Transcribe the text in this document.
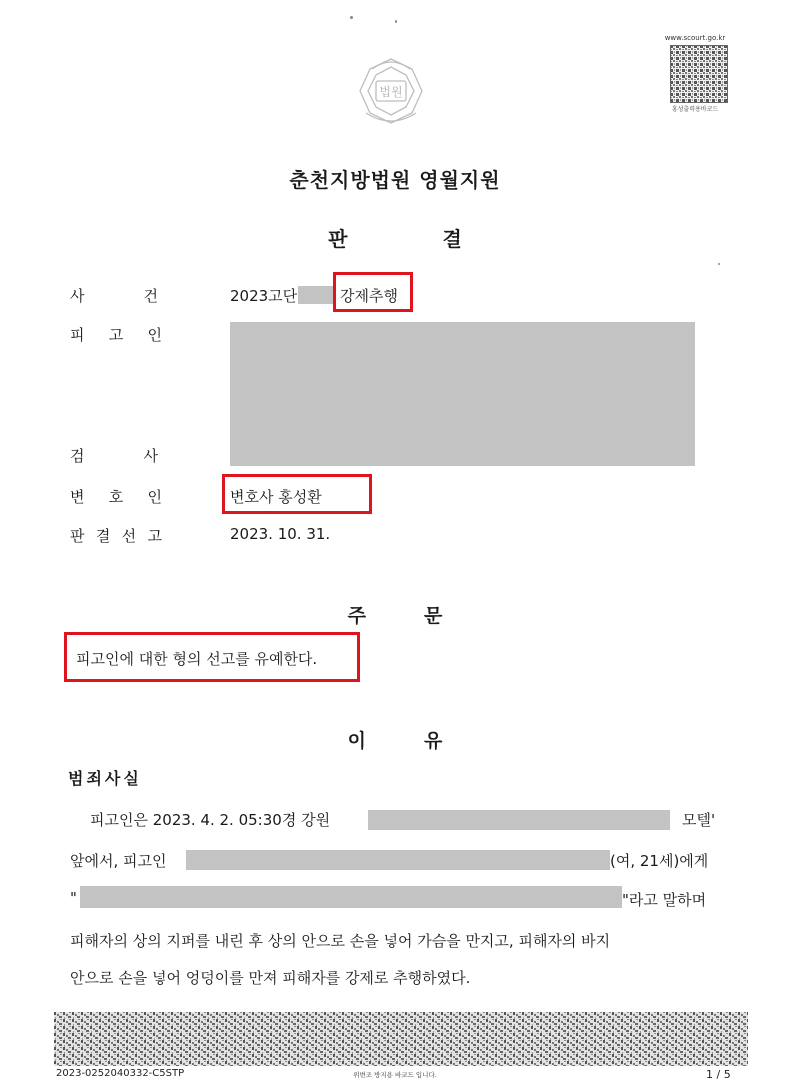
법원
www.scourt.go.kr
홍성출력용바코드
춘천지방법원 영월지원
판	결
사	건	2023고단	강제추행
피 고 인
검	사
변 호 인	변호사 홍성환
판 결 선 고	2023. 10. 31.
주	문
피고인에 대한 형의 선고를 유예한다.
이	유
범죄사실
피고인은 2023. 4. 2. 05:30경 강원	모텔'
앞에서, 피고인	(여, 21세)에게
"	"라고 말하며
피해자의 상의 지퍼를 내린 후 상의 안으로 손을 넣어 가슴을 만지고, 피해자의 바지
안으로 손을 넣어 엉덩이를 만져 피해자를 강제로 추행하였다.
2023-0252040332-C5STP	위변조 방지용 바코드 입니다.	1 / 5
